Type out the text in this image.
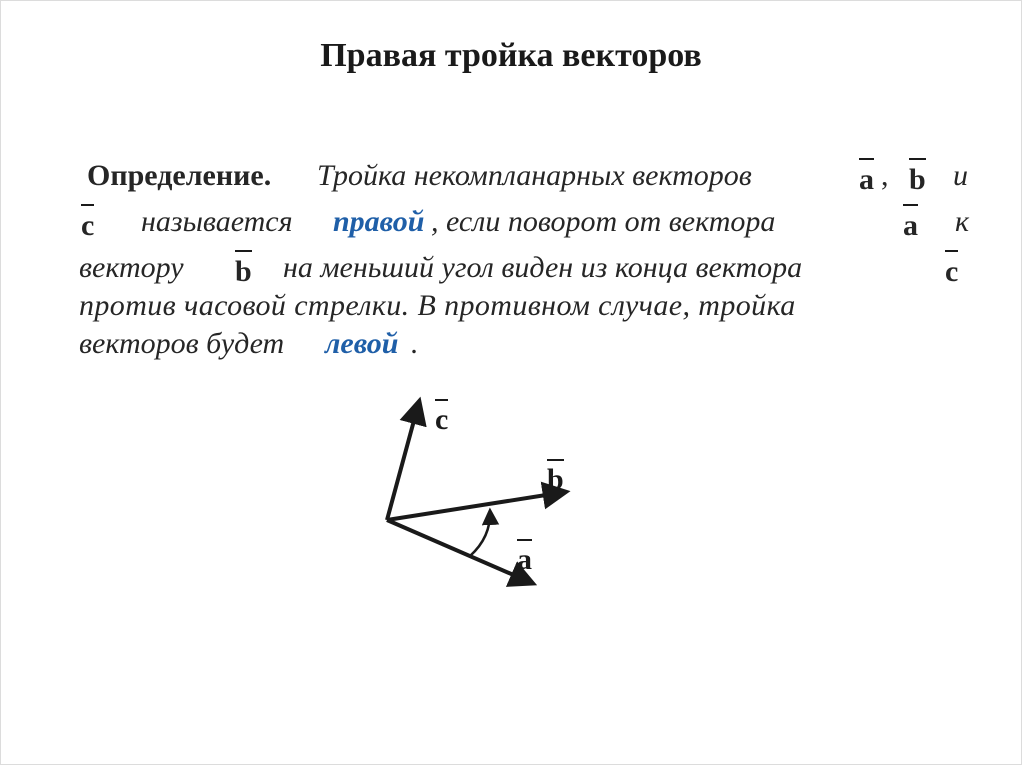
Правая тройка векторов
Определение. Тройка некомпланарных векторов	a , b и
c называется правой , если поворот от вектора	a к
вектору b на меньший угол виден из конца вектора	c
против часовой стрелки. В противном случае, тройка
векторов будет левой .
c
b
a
